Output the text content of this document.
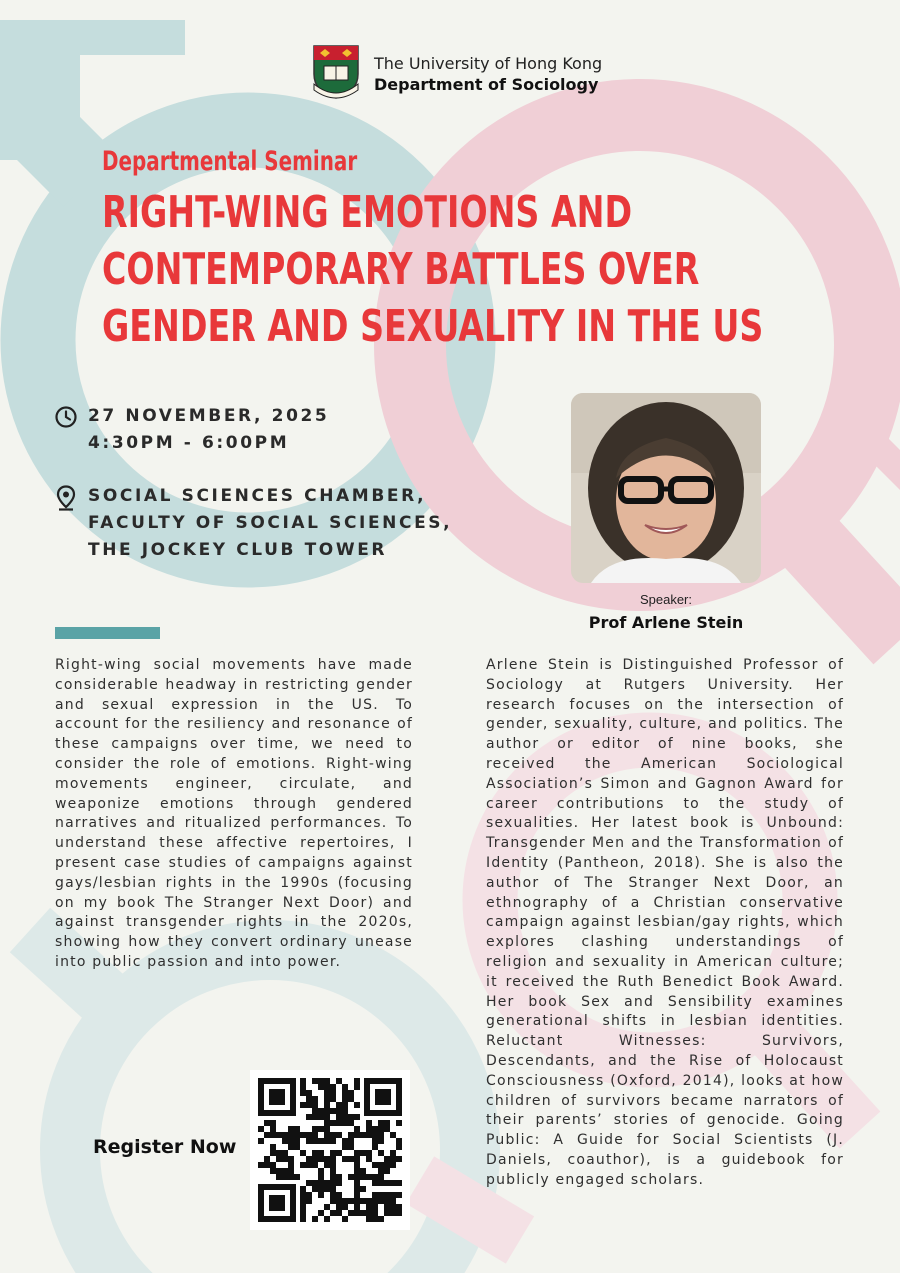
The University of Hong Kong
Department of Sociology
Departmental Seminar
RIGHT-WING EMOTIONS AND
CONTEMPORARY BATTLES OVER
GENDER AND SEXUALITY IN THE US
27 NOVEMBER, 2025
4:30PM - 6:00PM
SOCIAL SCIENCES CHAMBER,
FACULTY OF SOCIAL SCIENCES,
THE JOCKEY CLUB TOWER
Speaker:
Prof Arlene Stein

Right-wing social movements have made considerable headway in restricting gender and sexual expression in the US. To account for the resiliency and resonance of these campaigns over time, we need to consider the role of emotions. Right-wing movements engineer, circulate, and weaponize emotions through gendered narratives and ritualized performances. To understand these affective repertoires, I present case studies of campaigns against gays/lesbian rights in the 1990s (focusing on my book The Stranger Next Door) and against transgender rights in the 2020s, showing how they convert ordinary unease into public passion and into power.

Arlene Stein is Distinguished Professor of Sociology at Rutgers University. Her research focuses on the intersection of gender, sexuality, culture, and politics. The author or editor of nine books, she received the American Sociological Association’s Simon and Gagnon Award for career contributions to the study of sexualities. Her latest book is Unbound: Transgender Men and the Transformation of Identity (Pantheon, 2018). She is also the author of The Stranger Next Door, an ethnography of a Christian conservative campaign against lesbian/gay rights, which explores clashing understandings of religion and sexuality in American culture; it received the Ruth Benedict Book Award. Her book Sex and Sensibility examines generational shifts in lesbian identities. Reluctant Witnesses: Survivors, Descendants, and the Rise of Holocaust Consciousness (Oxford, 2014), looks at how children of survivors became narrators of their parents’ stories of genocide. Going Public: A Guide for Social Scientists (J. Daniels, coauthor), is a guidebook for publicly engaged scholars.

Register Now
